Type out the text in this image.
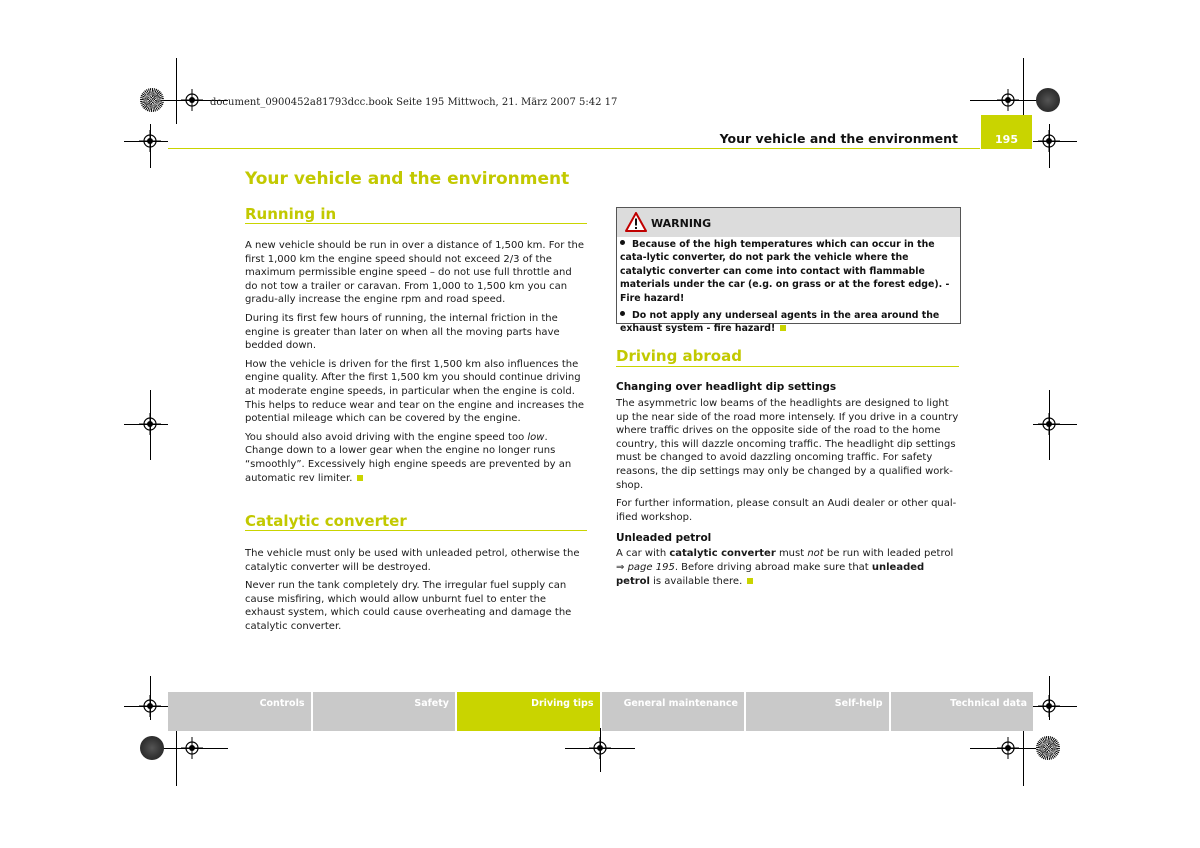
document_0900452a81793dcc.book Seite 195 Mittwoch, 21. März 2007 5:42 17
Your vehicle and the environment	195
Your vehicle and the environment
Running in
A new vehicle should be run in over a distance of 1,500 km. For the first 1,000 km the engine speed should not exceed 2/3 of the maximum permissible engine speed – do not use full throttle and do not tow a trailer or caravan. From 1,000 to 1,500 km you can gradu-ally increase the engine rpm and road speed.
During its first few hours of running, the internal friction in the engine is greater than later on when all the moving parts have bedded down.
How the vehicle is driven for the first 1,500 km also influences the engine quality. After the first 1,500 km you should continue driving at moderate engine speeds, in particular when the engine is cold. This helps to reduce wear and tear on the engine and increases the potential mileage which can be covered by the engine.
You should also avoid driving with the engine speed too low. Change down to a lower gear when the engine no longer runs “smoothly”. Excessively high engine speeds are prevented by an automatic rev limiter.
Catalytic converter
The vehicle must only be used with unleaded petrol, otherwise the catalytic converter will be destroyed.
Never run the tank completely dry. The irregular fuel supply can cause misfiring, which would allow unburnt fuel to enter the exhaust system, which could cause overheating and damage the catalytic converter.
WARNING

Because of the high temperatures which can occur in the cata-lytic converter, do not park the vehicle where the catalytic converter can come into contact with flammable materials under the car (e.g. on grass or at the forest edge). - Fire hazard!

Do not apply any underseal agents in the area around the exhaust system - fire hazard!

Driving abroad
Changing over headlight dip settings
The asymmetric low beams of the headlights are designed to light up the near side of the road more intensely. If you drive in a country where traffic drives on the opposite side of the road to the home country, this will dazzle oncoming traffic. The headlight dip settings must be changed to avoid dazzling oncoming traffic. For safety reasons, the dip settings may only be changed by a qualified work-shop.
For further information, please consult an Audi dealer or other qual-ified workshop.
Unleaded petrol
A car with catalytic converter must not be run with leaded petrol ⇒ page 195. Before driving abroad make sure that unleaded petrol is available there.
Controls	Safety	Driving tips	General maintenance	Self-help	Technical data
